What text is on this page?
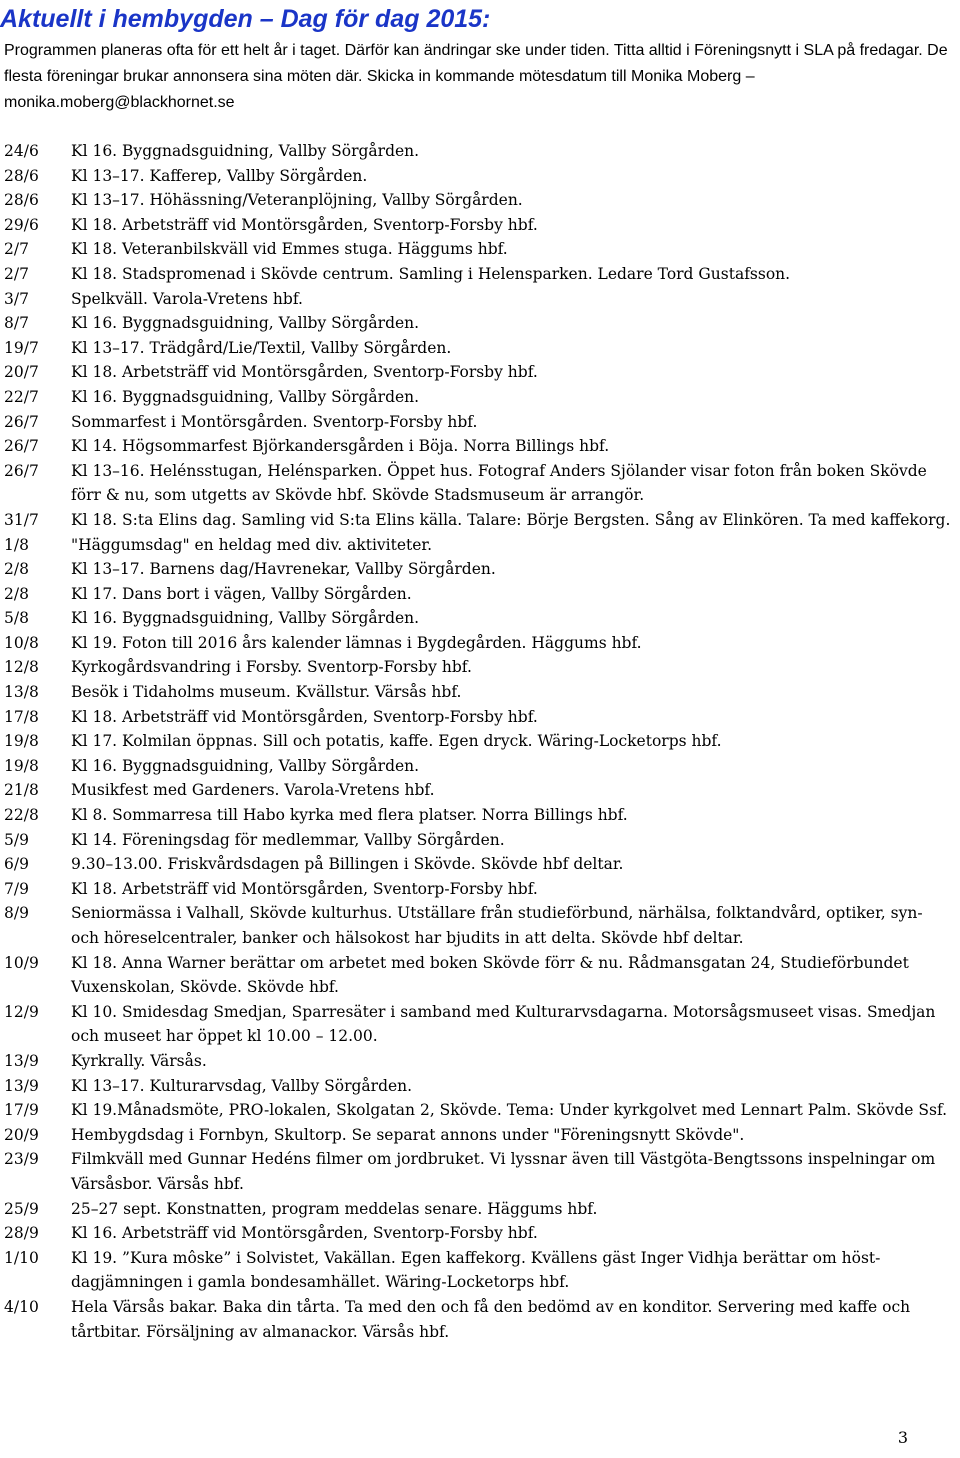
Aktuellt i hembygden – Dag för dag 2015:

Programmen planeras ofta för ett helt år i taget. Därför kan ändringar ske under tiden. Titta alltid i Föreningsnytt i SLA på fredagar. De flesta föreningar brukar annonsera sina möten där. Skicka in kommande mötesdatum till Monika Moberg – monika.moberg@blackhornet.se

24/6	Kl 16. Byggnadsguidning, Vallby Sörgården.
28/6	Kl 13–17. Kafferep, Vallby Sörgården.
28/6	Kl 13–17. Höhässning/Veteranplöjning, Vallby Sörgården.
29/6	Kl 18. Arbetsträff vid Montörsgården, Sventorp-Forsby hbf.
2/7	Kl 18. Veteranbilskväll vid Emmes stuga. Häggums hbf.
2/7	Kl 18. Stadspromenad i Skövde centrum. Samling i Helensparken. Ledare Tord Gustafsson.
3/7	Spelkväll. Varola-Vretens hbf.
8/7	Kl 16. Byggnadsguidning, Vallby Sörgården.
19/7	Kl 13–17. Trädgård/Lie/Textil, Vallby Sörgården.
20/7	Kl 18. Arbetsträff vid Montörsgården, Sventorp-Forsby hbf.
22/7	Kl 16. Byggnadsguidning, Vallby Sörgården.
26/7	Sommarfest i Montörsgården. Sventorp-Forsby hbf.
26/7	Kl 14. Högsommarfest Björkandersgården i Böja. Norra Billings hbf.
26/7	Kl 13–16. Helénsstugan, Helénsparken. Öppet hus. Fotograf Anders Sjölander visar foton från boken Skövde förr & nu, som utgetts av Skövde hbf. Skövde Stadsmuseum är arrangör.
31/7	Kl 18. S:ta Elins dag. Samling vid S:ta Elins källa. Talare: Börje Bergsten. Sång av Elinkören. Ta med kaffekorg.
1/8	"Häggumsdag" en heldag med div. aktiviteter.
2/8	Kl 13–17. Barnens dag/Havrenekar, Vallby Sörgården.
2/8	Kl 17. Dans bort i vägen, Vallby Sörgården.
5/8	Kl 16. Byggnadsguidning, Vallby Sörgården.
10/8	Kl 19. Foton till 2016 års kalender lämnas i Bygdegården. Häggums hbf.
12/8	Kyrkogårdsvandring i Forsby. Sventorp-Forsby hbf.
13/8	Besök i Tidaholms museum. Kvällstur. Värsås hbf.
17/8	Kl 18. Arbetsträff vid Montörsgården, Sventorp-Forsby hbf.
19/8	Kl 17. Kolmilan öppnas. Sill och potatis, kaffe. Egen dryck. Wäring-Locketorps hbf.
19/8	Kl 16. Byggnadsguidning, Vallby Sörgården.
21/8	Musikfest med Gardeners. Varola-Vretens hbf.
22/8	Kl 8. Sommarresa till Habo kyrka med flera platser. Norra Billings hbf.
5/9	Kl 14. Föreningsdag för medlemmar, Vallby Sörgården.
6/9	9.30–13.00. Friskvårdsdagen på Billingen i Skövde. Skövde hbf deltar.
7/9	Kl 18. Arbetsträff vid Montörsgården, Sventorp-Forsby hbf.
8/9	Seniormässa i Valhall, Skövde kulturhus. Utställare från studieförbund, närhälsa, folktandvård, optiker, syn- och höreselcentraler, banker och hälsokost har bjudits in att delta. Skövde hbf deltar.
10/9	Kl 18. Anna Warner berättar om arbetet med boken Skövde förr & nu. Rådmansgatan 24, Studieförbundet Vuxenskolan, Skövde. Skövde hbf.
12/9	Kl 10. Smidesdag Smedjan, Sparresäter i samband med Kulturarvsdagarna. Motorsågsmuseet visas. Smedjan och museet har öppet kl 10.00 – 12.00.
13/9	Kyrkrally. Värsås.
13/9	Kl 13–17. Kulturarvsdag, Vallby Sörgården.
17/9	Kl 19.Månadsmöte, PRO-lokalen, Skolgatan 2, Skövde. Tema: Under kyrkgolvet med Lennart Palm. Skövde Ssf.
20/9	Hembygdsdag i Fornbyn, Skultorp. Se separat annons under "Föreningsnytt Skövde".
23/9	Filmkväll med Gunnar Hedéns filmer om jordbruket. Vi lyssnar även till Västgöta-Bengtssons inspelningar om Värsåsbor. Värsås hbf.
25/9	25–27 sept. Konstnatten, program meddelas senare. Häggums hbf.
28/9	Kl 16. Arbetsträff vid Montörsgården, Sventorp-Forsby hbf.
1/10	Kl 19. ”Kura môske” i Solvistet, Vakällan. Egen kaffekorg. Kvällens gäst Inger Vidhja berättar om höst-dagjämningen i gamla bondesamhället. Wäring-Locketorps hbf.
4/10	Hela Värsås bakar. Baka din tårta. Ta med den och få den bedömd av en konditor. Servering med kaffe och tårtbitar. Försäljning av almanackor. Värsås hbf.
3
